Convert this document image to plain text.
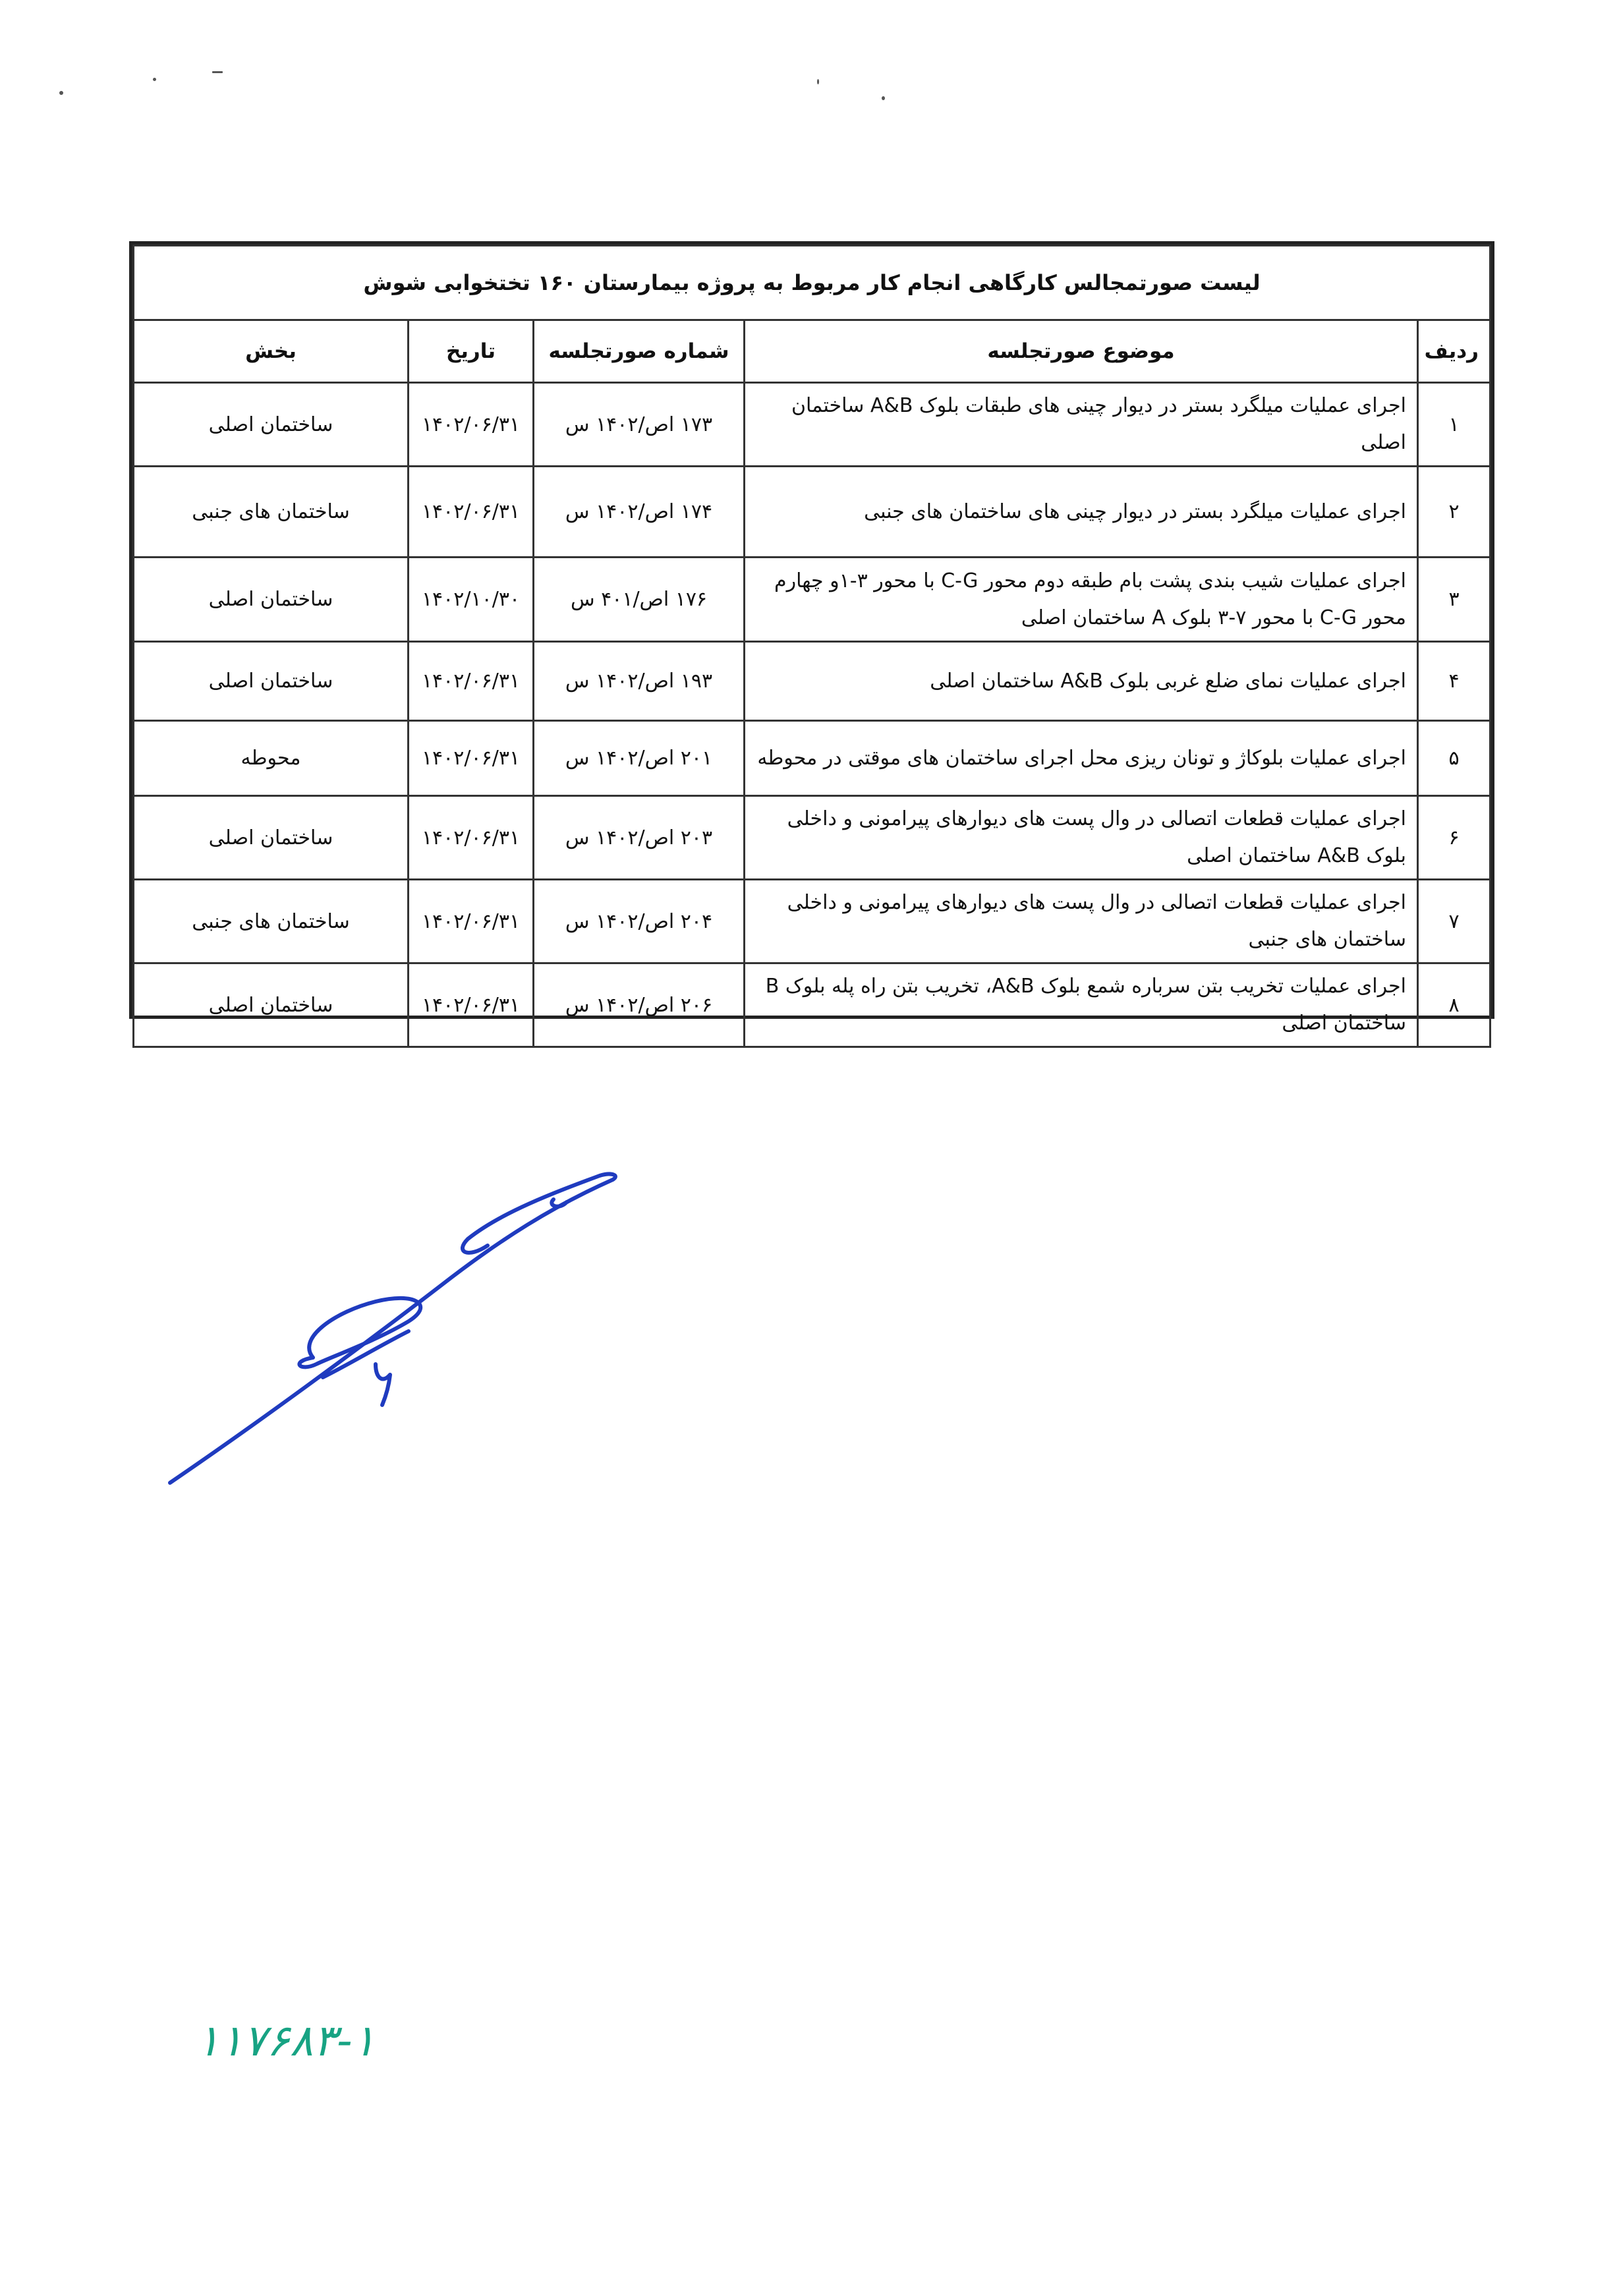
لیست صورتمجالس کارگاهی انجام کار مربوط به پروژه بیمارستان ۱۶۰ تختخوابی شوش				
ردیف	موضوع صورتجلسه	شماره صورتجلسه	تاریخ	بخش
۱	اجرای عملیات میلگرد بستر در دیوار چینی های طبقات بلوک A&B ساختمان اصلی	۱۷۳ اص/۱۴۰۲ س	۱۴۰۲/۰۶/۳۱	ساختمان اصلی
۲	اجرای عملیات میلگرد بستر در دیوار چینی های ساختمان های جنبی	۱۷۴ اص/۱۴۰۲ س	۱۴۰۲/۰۶/۳۱	ساختمان های جنبی
۳	اجرای عملیات شیب بندی پشت بام طبقه دوم محور C-G با محور ۳-۱و چهارم محور C-G با محور ۷-۳ بلوک A ساختمان اصلی	۱۷۶ اص/۴۰۱ س	۱۴۰۲/۱۰/۳۰	ساختمان اصلی
۴	اجرای عملیات نمای ضلع غربی بلوک A&B ساختمان اصلی	۱۹۳ اص/۱۴۰۲ س	۱۴۰۲/۰۶/۳۱	ساختمان اصلی
۵	اجرای عملیات بلوکاژ و تونان ریزی محل اجرای ساختمان های موقتی در محوطه	۲۰۱ اص/۱۴۰۲ س	۱۴۰۲/۰۶/۳۱	محوطه
۶	اجرای عملیات قطعات اتصالی در وال پست های دیوارهای پیرامونی و داخلی بلوک A&B ساختمان اصلی	۲۰۳ اص/۱۴۰۲ س	۱۴۰۲/۰۶/۳۱	ساختمان اصلی
۷	اجرای عملیات قطعات اتصالی در وال پست های دیوارهای پیرامونی و داخلی ساختمان های جنبی	۲۰۴ اص/۱۴۰۲ س	۱۴۰۲/۰۶/۳۱	ساختمان های جنبی
۸	اجرای عملیات تخریب بتن سرباره شمع بلوک A&B، تخریب بتن راه پله بلوک B ساختمان اصلی	۲۰۶ اص/۱۴۰۲ س	۱۴۰۲/۰۶/۳۱	ساختمان اصلی
۱۱۷۶۸۳-۱
